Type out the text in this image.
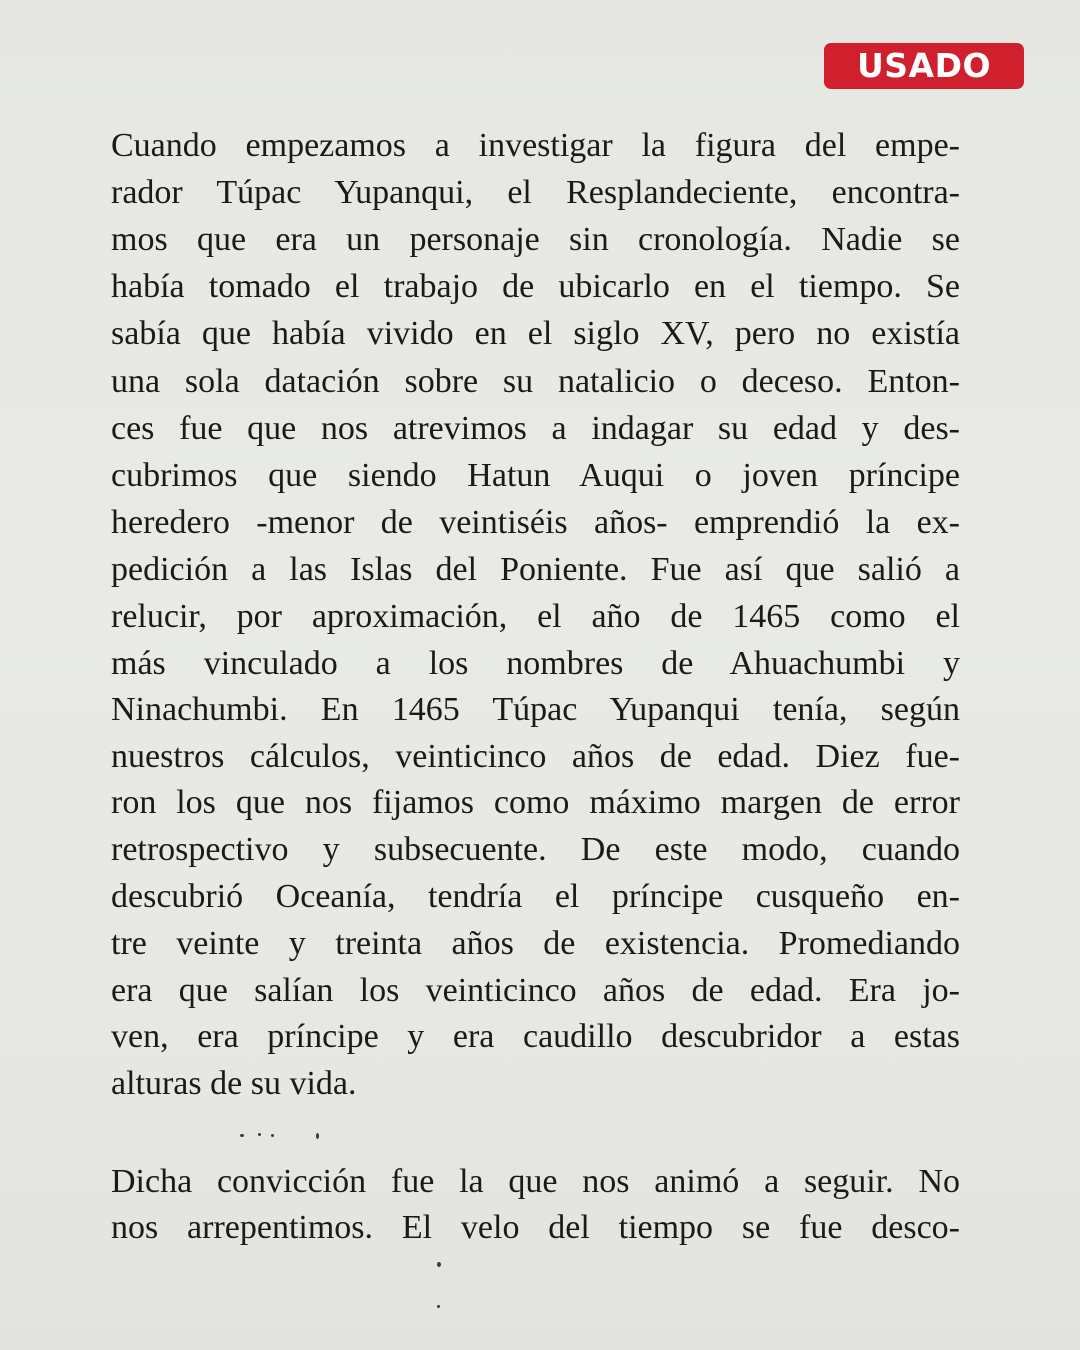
USADO
Cuando empezamos a investigar la figura del empe-
rador Túpac Yupanqui, el Resplandeciente, encontra-
mos que era un personaje sin cronología. Nadie se
había tomado el trabajo de ubicarlo en el tiempo. Se
sabía que había vivido en el siglo XV, pero no existía
una sola datación sobre su natalicio o deceso. Enton-
ces fue que nos atrevimos a indagar su edad y des-
cubrimos que siendo Hatun Auqui o joven príncipe
heredero -menor de veintiséis años- emprendió la ex-
pedición a las Islas del Poniente. Fue así que salió a
relucir, por aproximación, el año de 1465 como el
más vinculado a los nombres de Ahuachumbi y
Ninachumbi. En 1465 Túpac Yupanqui tenía, según
nuestros cálculos, veinticinco años de edad. Diez fue-
ron los que nos fijamos como máximo margen de error
retrospectivo y subsecuente. De este modo, cuando
descubrió Oceanía, tendría el príncipe cusqueño en-
tre veinte y treinta años de existencia. Promediando
era que salían los veinticinco años de edad. Era jo-
ven, era príncipe y era caudillo descubridor a estas
alturas de su vida.
Dicha convicción fue la que nos animó a seguir. No
nos arrepentimos. El velo del tiempo se fue desco-
